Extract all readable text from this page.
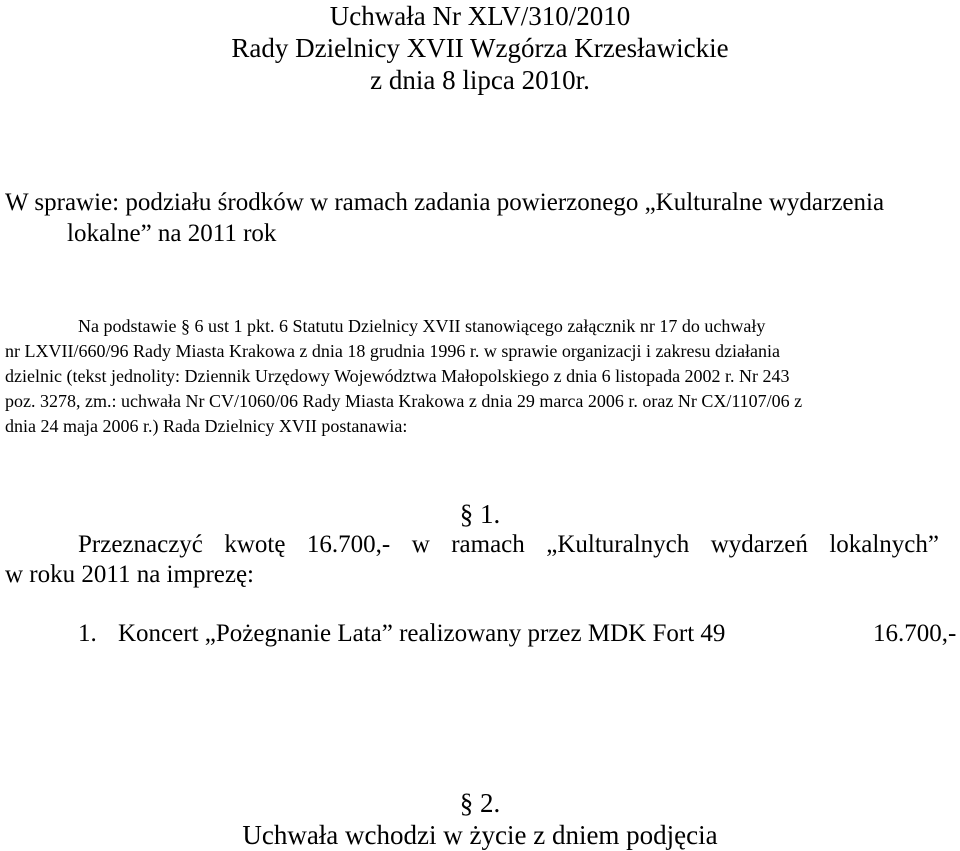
Uchwała Nr XLV/310/2010
Rady Dzielnicy XVII Wzgórza Krzesławickie
z dnia 8 lipca 2010r.
W sprawie: podziału środków w ramach zadania powierzonego „Kulturalne wydarzenia
lokalne” na 2011 rok
Na podstawie § 6 ust 1 pkt. 6 Statutu Dzielnicy XVII stanowiącego załącznik nr 17 do uchwały
nr LXVII/660/96 Rady Miasta Krakowa z dnia 18 grudnia 1996 r. w sprawie organizacji i zakresu działania
dzielnic (tekst jednolity: Dziennik Urzędowy Województwa Małopolskiego z dnia 6 listopada 2002 r. Nr 243
poz. 3278, zm.: uchwała Nr CV/1060/06 Rady Miasta Krakowa z dnia 29 marca 2006 r. oraz Nr CX/1107/06 z
dnia 24 maja 2006 r.) Rada Dzielnicy XVII postanawia:
§ 1.
Przeznaczyć kwotę 16.700,- w ramach „Kulturalnych wydarzeń lokalnych”
w roku 2011 na imprezę:
1. Koncert „Pożegnanie Lata” realizowany przez MDK Fort 49	16.700,-
§ 2.
Uchwała wchodzi w życie z dniem podjęcia
